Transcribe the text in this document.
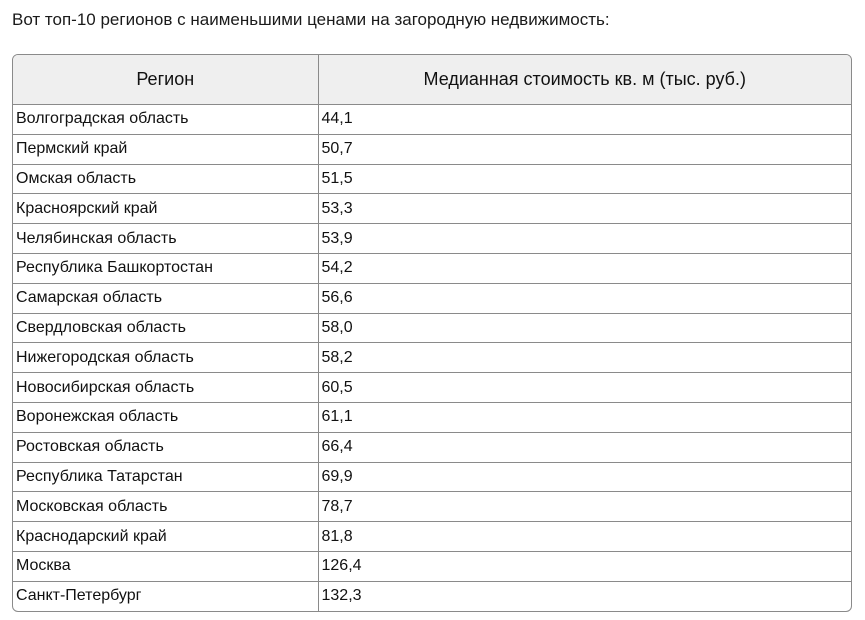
Вот топ-10 регионов с наименьшими ценами на загородную недвижимость:
Регион	Медианная стоимость кв. м (тыс. руб.)
Волгоградская область	44,1
Пермский край	50,7
Омская область	51,5
Красноярский край	53,3
Челябинская область	53,9
Республика Башкортостан	54,2
Самарская область	56,6
Свердловская область	58,0
Нижегородская область	58,2
Новосибирская область	60,5
Воронежская область	61,1
Ростовская область	66,4
Республика Татарстан	69,9
Московская область	78,7
Краснодарский край	81,8
Москва	126,4
Санкт-Петербург	132,3
